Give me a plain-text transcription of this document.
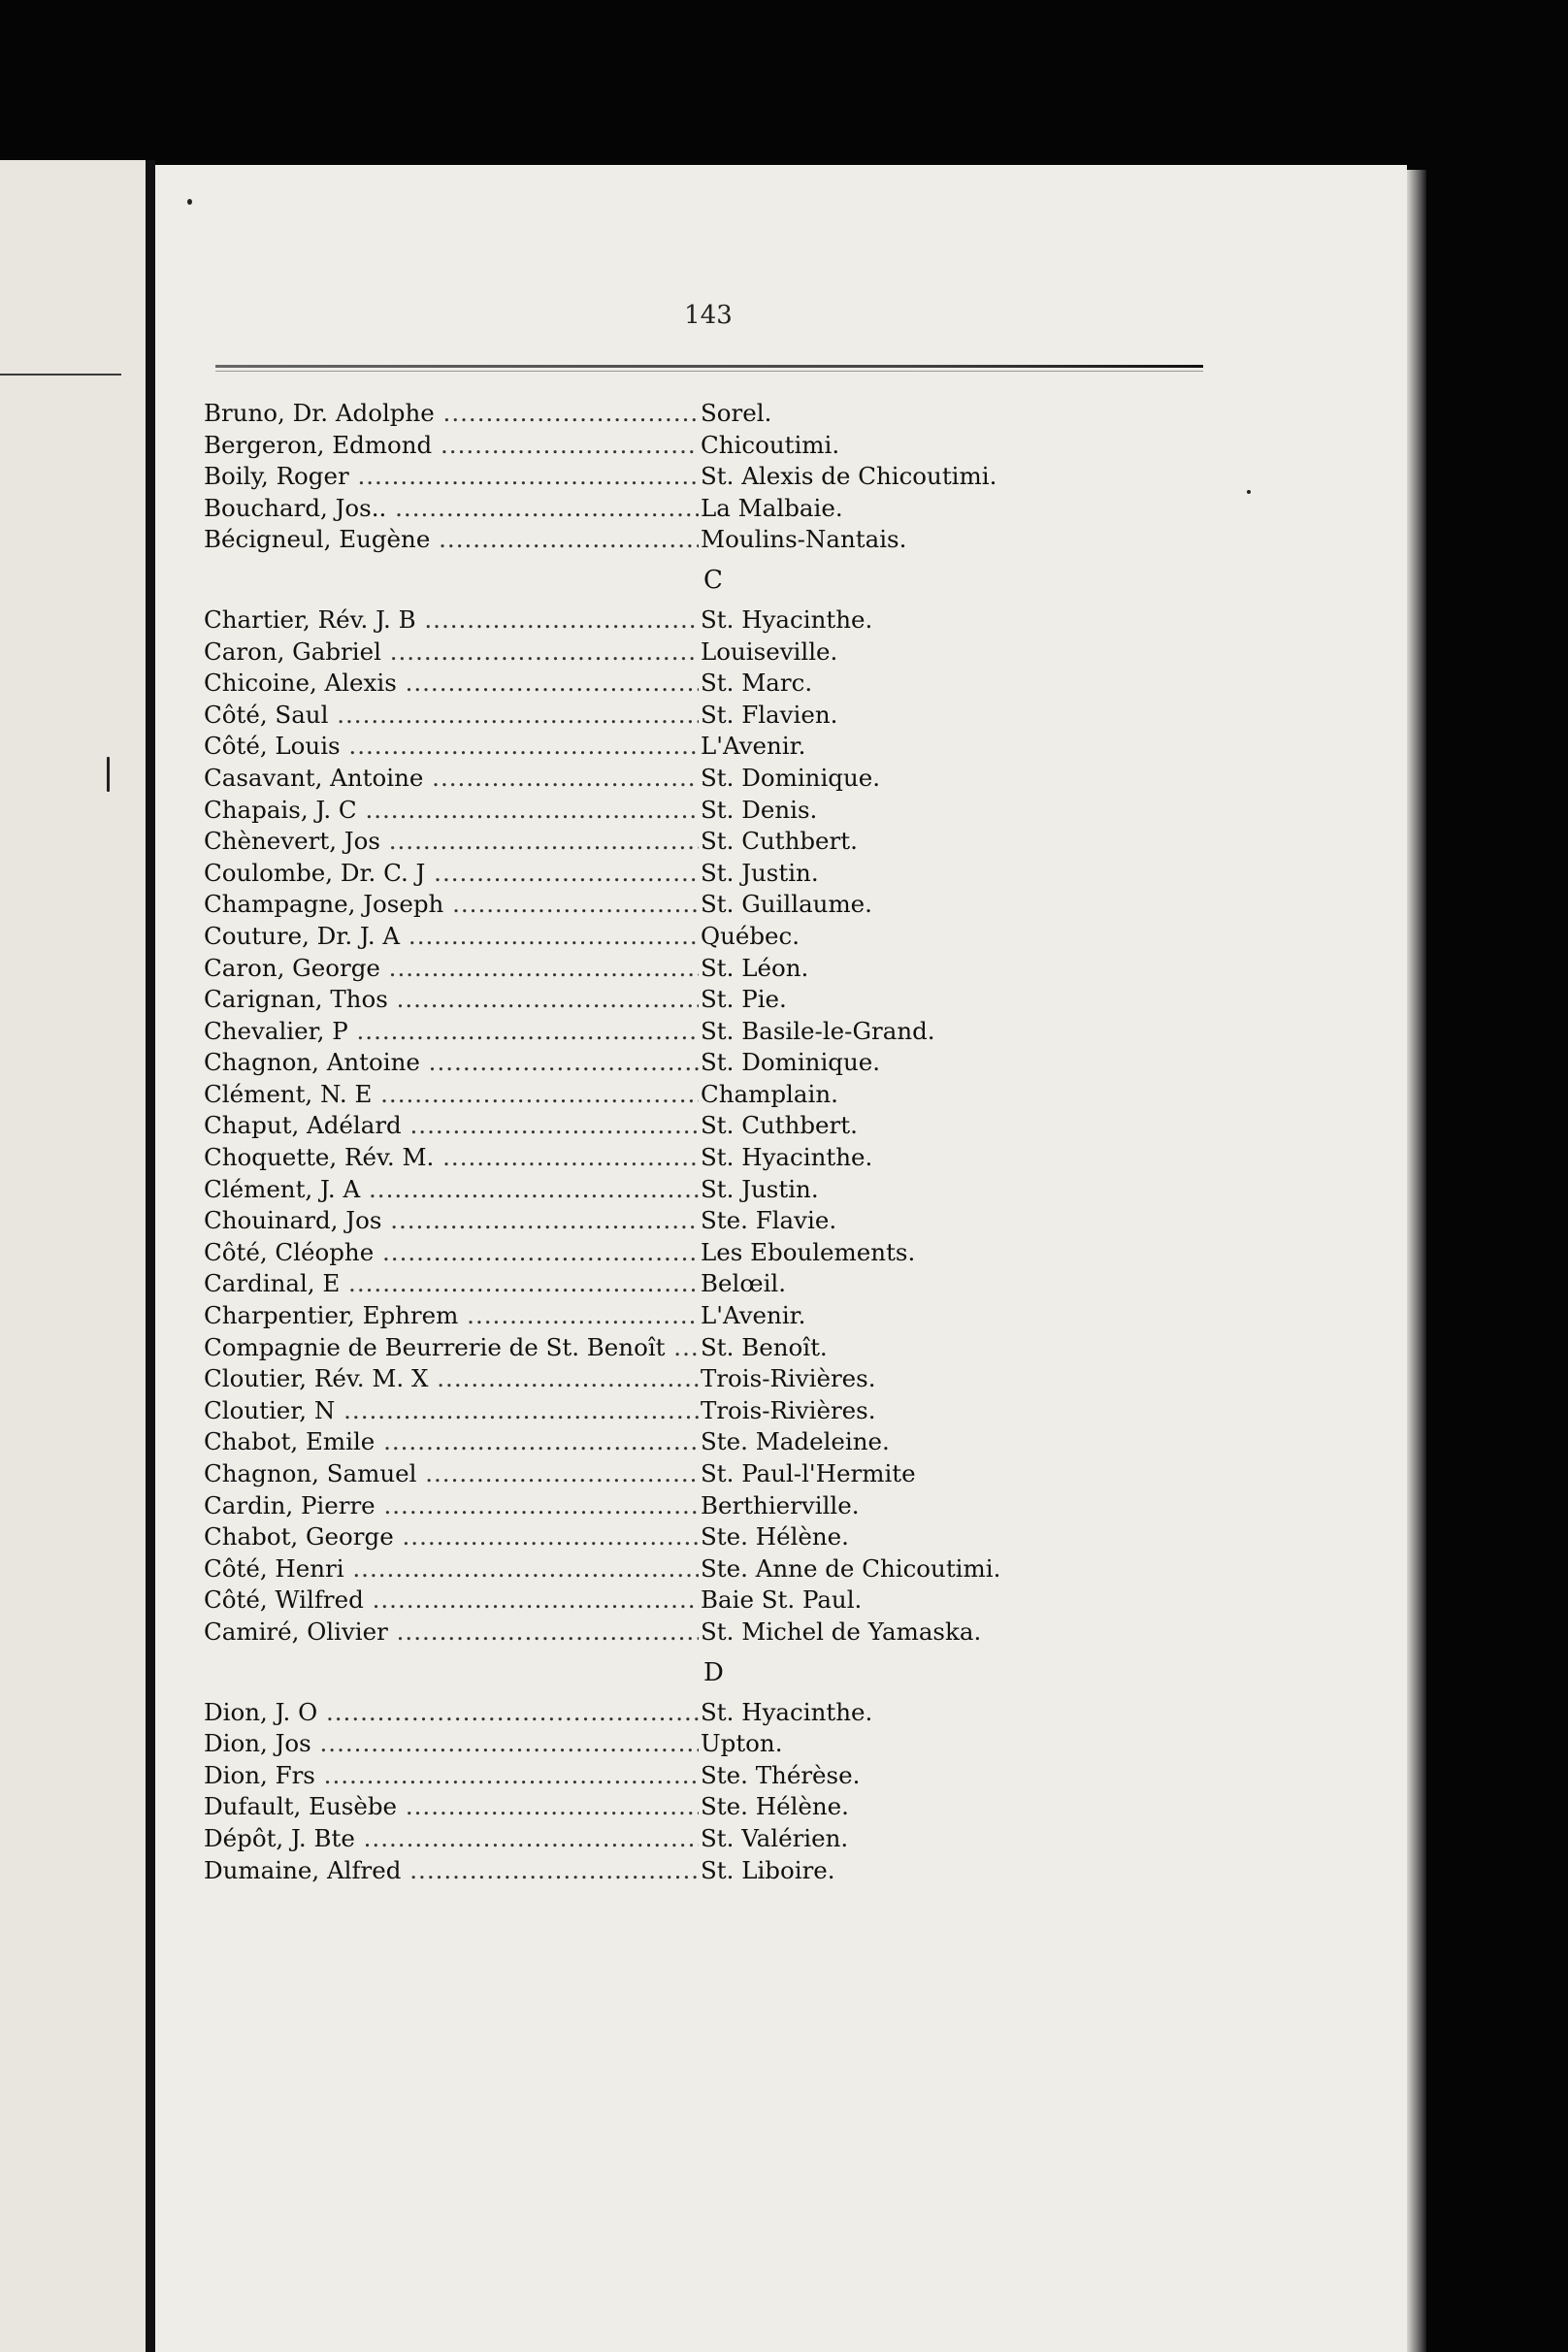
143
Bruno, Dr. Adolphe .....	Sorel.
Bergeron, Edmond .....	Chicoutimi.
Boily, Roger .....	St. Alexis de Chicoutimi.
Bouchard, Jos.. .....	La Malbaie.
Bécigneul, Eugène .....	Moulins-Nantais.
C
Chartier, Rév. J. B .....	St. Hyacinthe.
Caron, Gabriel .....	Louiseville.
Chicoine, Alexis .....	St. Marc.
Côté, Saul .....	St. Flavien.
Côté, Louis .....	L'Avenir.
Casavant, Antoine .....	St. Dominique.
Chapais, J. C .....	St. Denis.
Chènevert, Jos .....	St. Cuthbert.
Coulombe, Dr. C. J .....	St. Justin.
Champagne, Joseph .....	St. Guillaume.
Couture, Dr. J. A .....	Québec.
Caron, George .....	St. Léon.
Carignan, Thos .....	St. Pie.
Chevalier, P .....	St. Basile-le-Grand.
Chagnon, Antoine .....	St. Dominique.
Clément, N. E .....	Champlain.
Chaput, Adélard .....	St. Cuthbert.
Choquette, Rév. M. .....	St. Hyacinthe.
Clément, J. A .....	St. Justin.
Chouinard, Jos .....	Ste. Flavie.
Côté, Cléophe .....	Les Eboulements.
Cardinal, E .....	Belœil.
Charpentier, Ephrem .....	L'Avenir.
Compagnie de Beurrerie de St. Benoît .....	St. Benoît.
Cloutier, Rév. M. X .....	Trois-Rivières.
Cloutier, N .....	Trois-Rivières.
Chabot, Emile .....	Ste. Madeleine.
Chagnon, Samuel .....	St. Paul-l'Hermite
Cardin, Pierre .....	Berthierville.
Chabot, George .....	Ste. Hélène.
Côté, Henri .....	Ste. Anne de Chicoutimi.
Côté, Wilfred .....	Baie St. Paul.
Camiré, Olivier .....	St. Michel de Yamaska.
D
Dion, J. O .....	St. Hyacinthe.
Dion, Jos .....	Upton.
Dion, Frs .....	Ste. Thérèse.
Dufault, Eusèbe .....	Ste. Hélène.
Dépôt, J. Bte .....	St. Valérien.
Dumaine, Alfred .....	St. Liboire.
